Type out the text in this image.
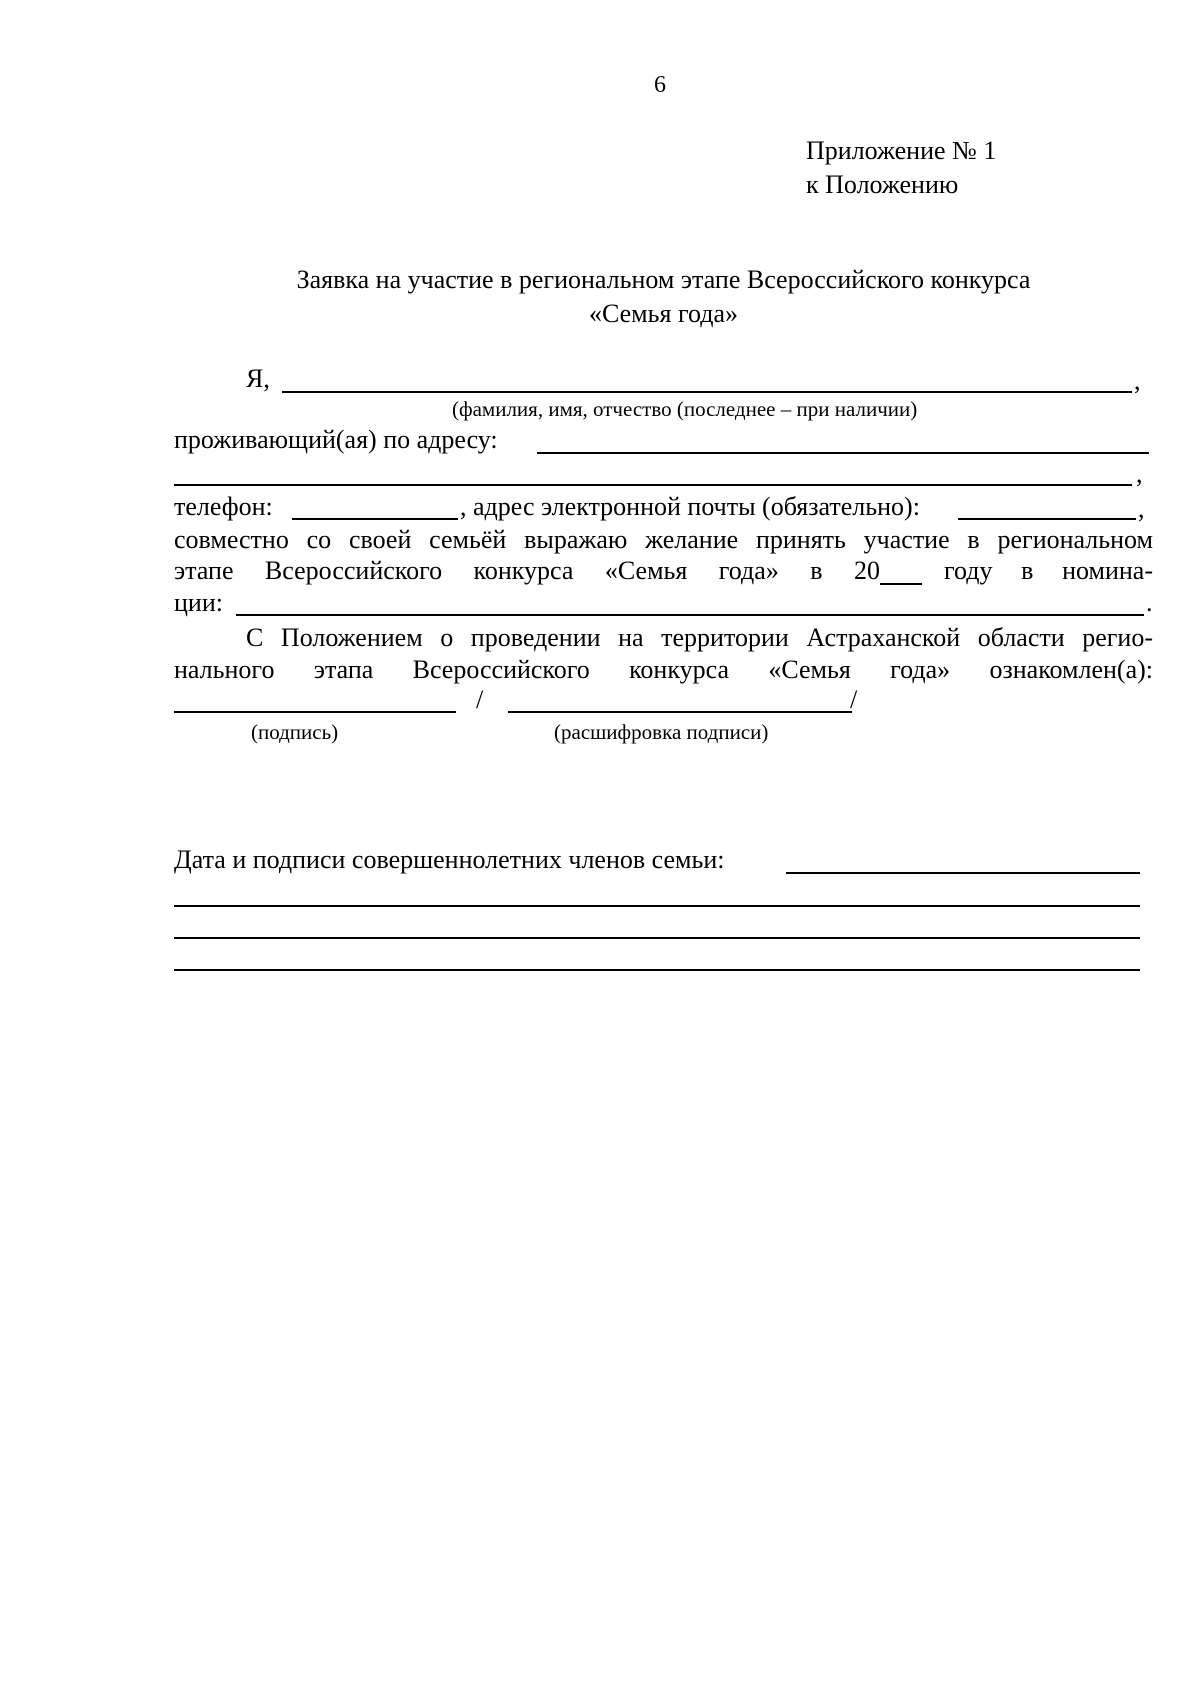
6
Приложение № 1
к Положению
Заявка на участие в региональном этапе Всероссийского конкурса
«Семья года»
Я,	,
(фамилия, имя, отчество (последнее – при наличии)
проживающий(ая) по адресу:
,
телефон:	, адрес электронной почты (обязательно):	,
совместно со своей семьёй выражаю желание принять участие в региональном
этапе Всероссийского конкурса «Семья года» в 20 году в номина-
ции:	.
С Положением о проведении на территории Астраханской области регио-
нального этапа Всероссийского конкурса «Семья года» ознакомлен(а):
/	/
(подпись)	(расшифровка подписи)
Дата и подписи совершеннолетних членов семьи:
